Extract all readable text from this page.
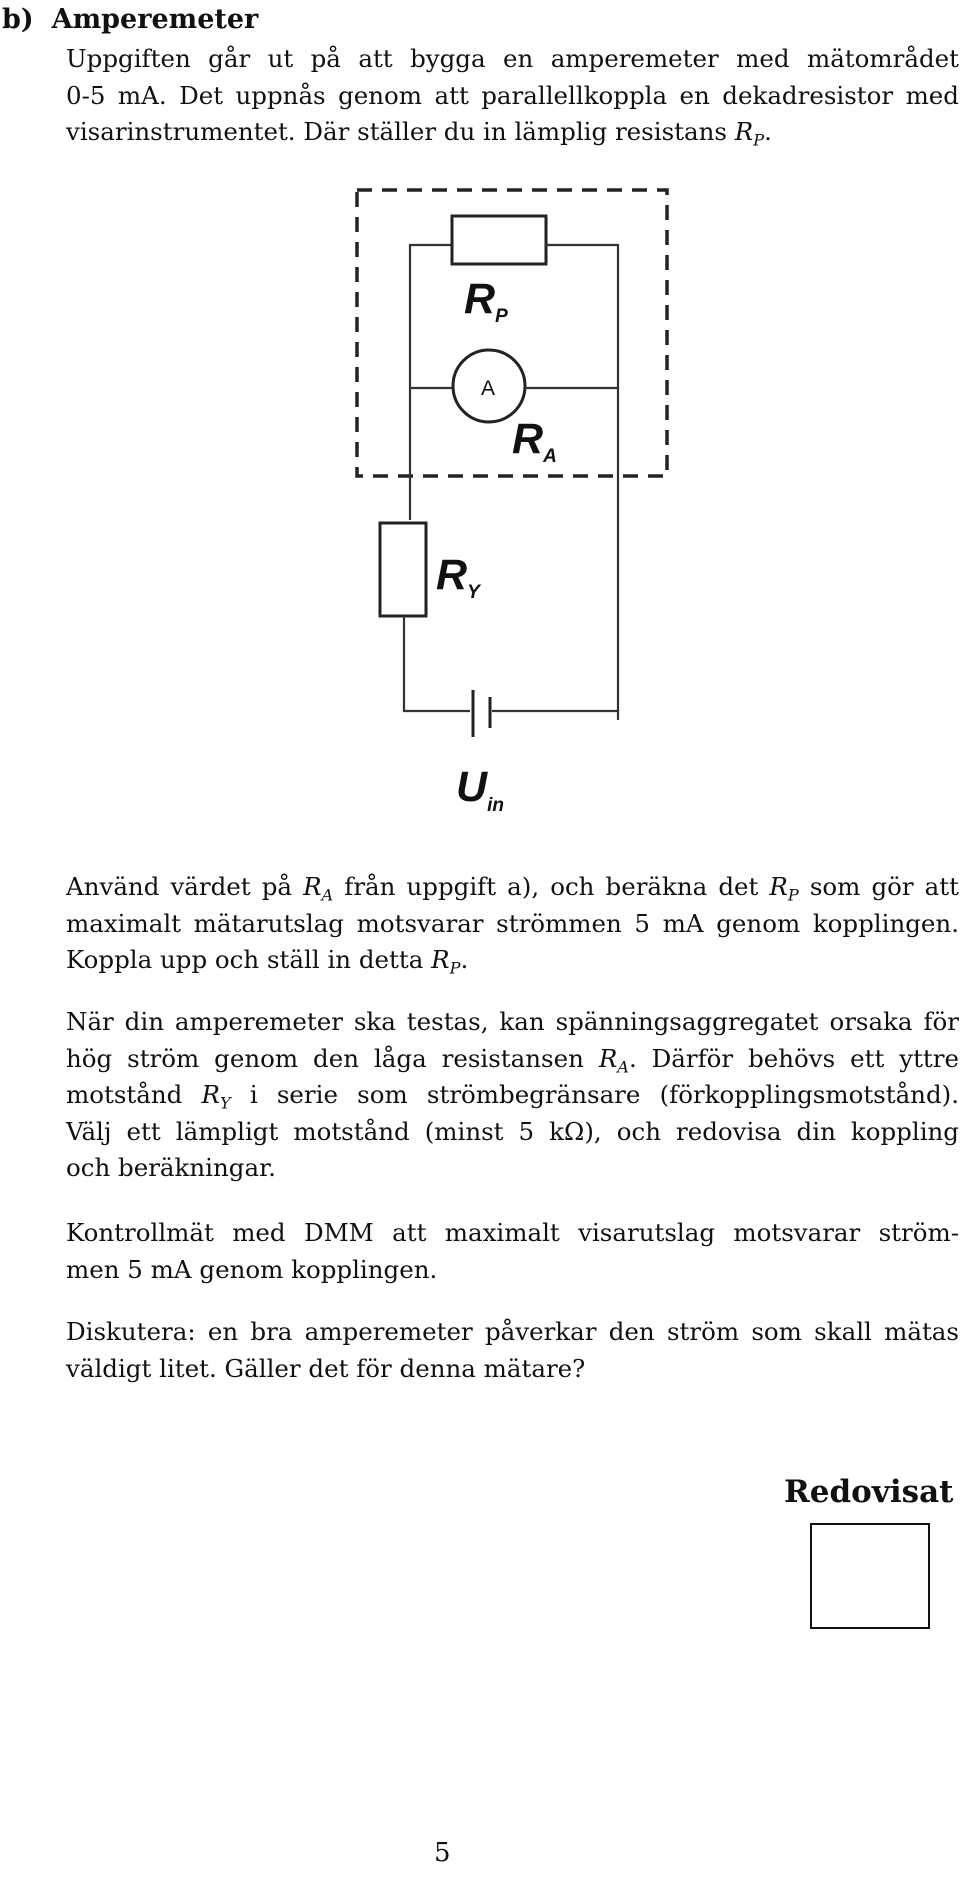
b) Amperemeter

Uppgiften går ut på att bygga en amperemeter med mätområdet
0-5 mA. Det uppnås genom att parallellkoppla en dekadresistor med
visarinstrumentet. Där ställer du in lämplig resistans $R_P$.

A
$R_P$
$R_A$
$R_Y$
$U_{in}$

Använd värdet på $R_A$ från uppgift a), och beräkna $\det R_P$ som gör att
maximalt mätarutslag motsvarar strömmen 5 mA genom kopplingen.
Koppla upp och ställ in detta $R_P$.

När din amperemeter ska testas, kan spänningsaggregatet orsaka för
hög ström genom den låga resistansen $R_A$. Därför behövs ett yttre
motstånd $R_Y$ i serie som strömbegränsare (förkopplingsmotstånd).
Välj ett lämpligt motstånd (minst 5 kΩ), och redovisa din koppling
och beräkningar.

Kontrollmät med DMM att maximalt visarutslag motsvarar ström-
men 5 mA genom kopplingen.

Diskutera: en bra amperemeter påverkar den ström som skall mätas
väldigt litet. Gäller det för denna mätare?

Redovisat
5
